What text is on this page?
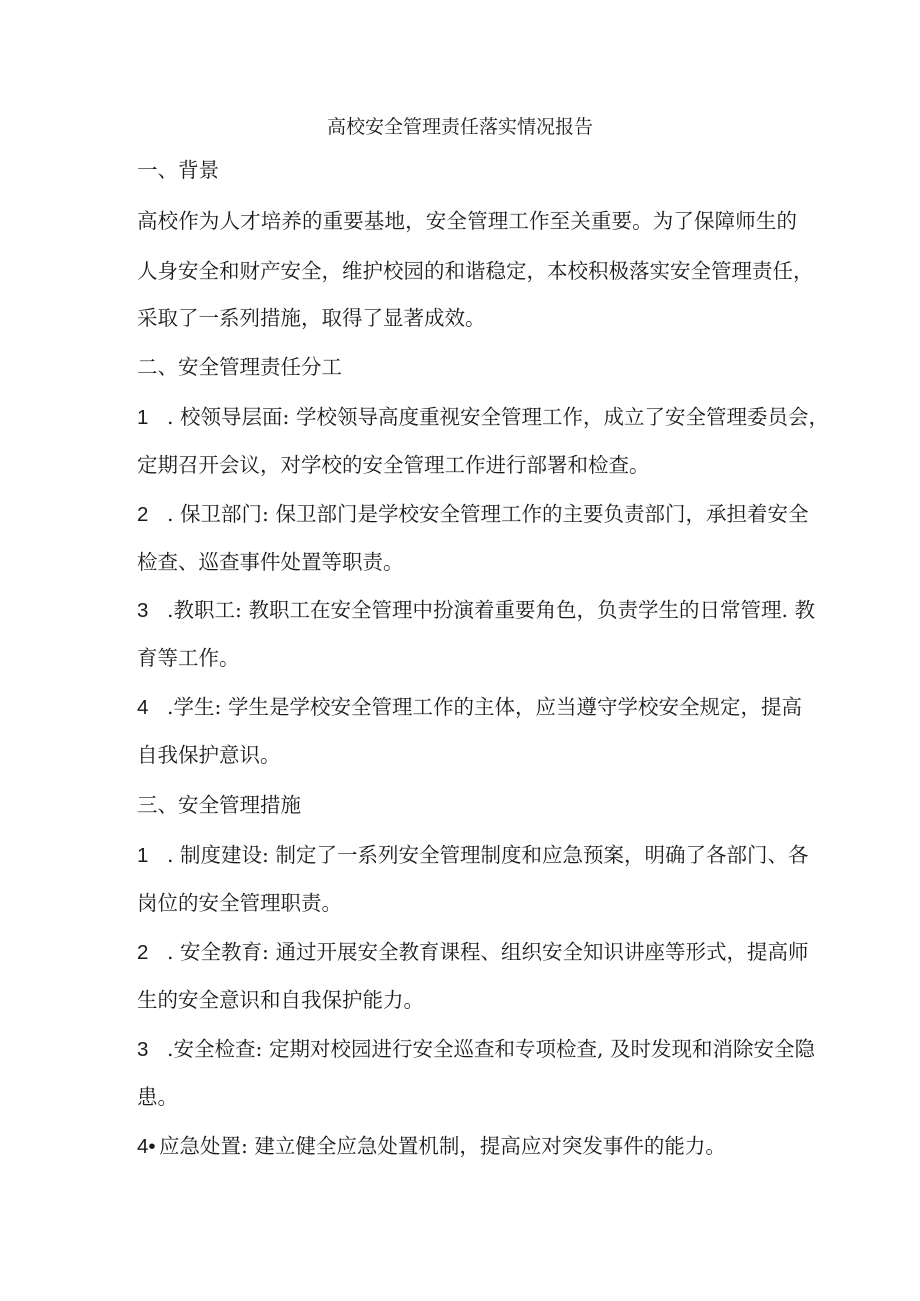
高校安全管理责任落实情况报告

一、背景

高校作为人才培养的重要基地，安全管理工作至关重要。为了保障师生的

人身安全和财产安全，维护校园的和谐稳定，本校积极落实安全管理责任，

采取了一系列措施，取得了显著成效。

二、安全管理责任分工

1 . 校领导层面: 学校领导高度重视安全管理工作，成立了安全管理委员会，

定期召开会议，对学校的安全管理工作进行部署和检查。

2 . 保卫部门: 保卫部门是学校安全管理工作的主要负责部门，承担着安全

检查、巡查事件处置等职责。

3 .教职工: 教职工在安全管理中扮演着重要角色，负责学生的日常管理. 教

育等工作。

4 .学生: 学生是学校安全管理工作的主体，应当遵守学校安全规定，提高

自我保护意识。

三、安全管理措施

1 . 制度建设: 制定了一系列安全管理制度和应急预案，明确了各部门、各

岗位的安全管理职责。

2 . 安全教育: 通过开展安全教育课程、组织安全知识讲座等形式，提高师

生的安全意识和自我保护能力。

3 .安全检查: 定期对校园进行安全巡查和专项检查, 及时发现和消除安全隐

患。

4• 应急处置: 建立健全应急处置机制，提高应对突发事件的能力。
